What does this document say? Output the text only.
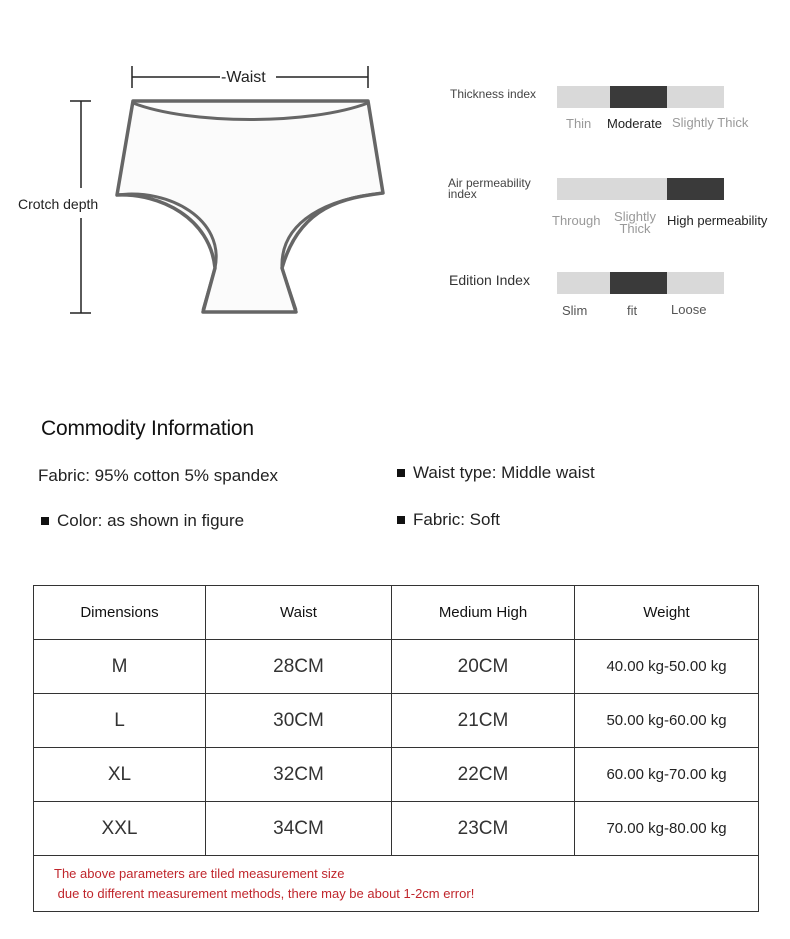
-Waist
Crotch depth
Thickness index
Thin Moderate Slightly Thick
Air permeability
index
Through Slightly Thick
High permeability
Edition Index
Slim	fit	Loose
Commodity Information
Fabric: 95% cotton 5% spandex	Waist type: Middle waist
Color: as shown in figure	Fabric: Soft
Dimensions	Waist	Medium High	Weight
M	28CM	20CM	40.00 kg-50.00 kg
L	30CM	21CM	50.00 kg-60.00 kg
XL	32CM	22CM	60.00 kg-70.00 kg
XXL	34CM	23CM	70.00 kg-80.00 kg

The above parameters are tiled measurement size
due to different measurement methods, there may be about 1-2cm error!			
